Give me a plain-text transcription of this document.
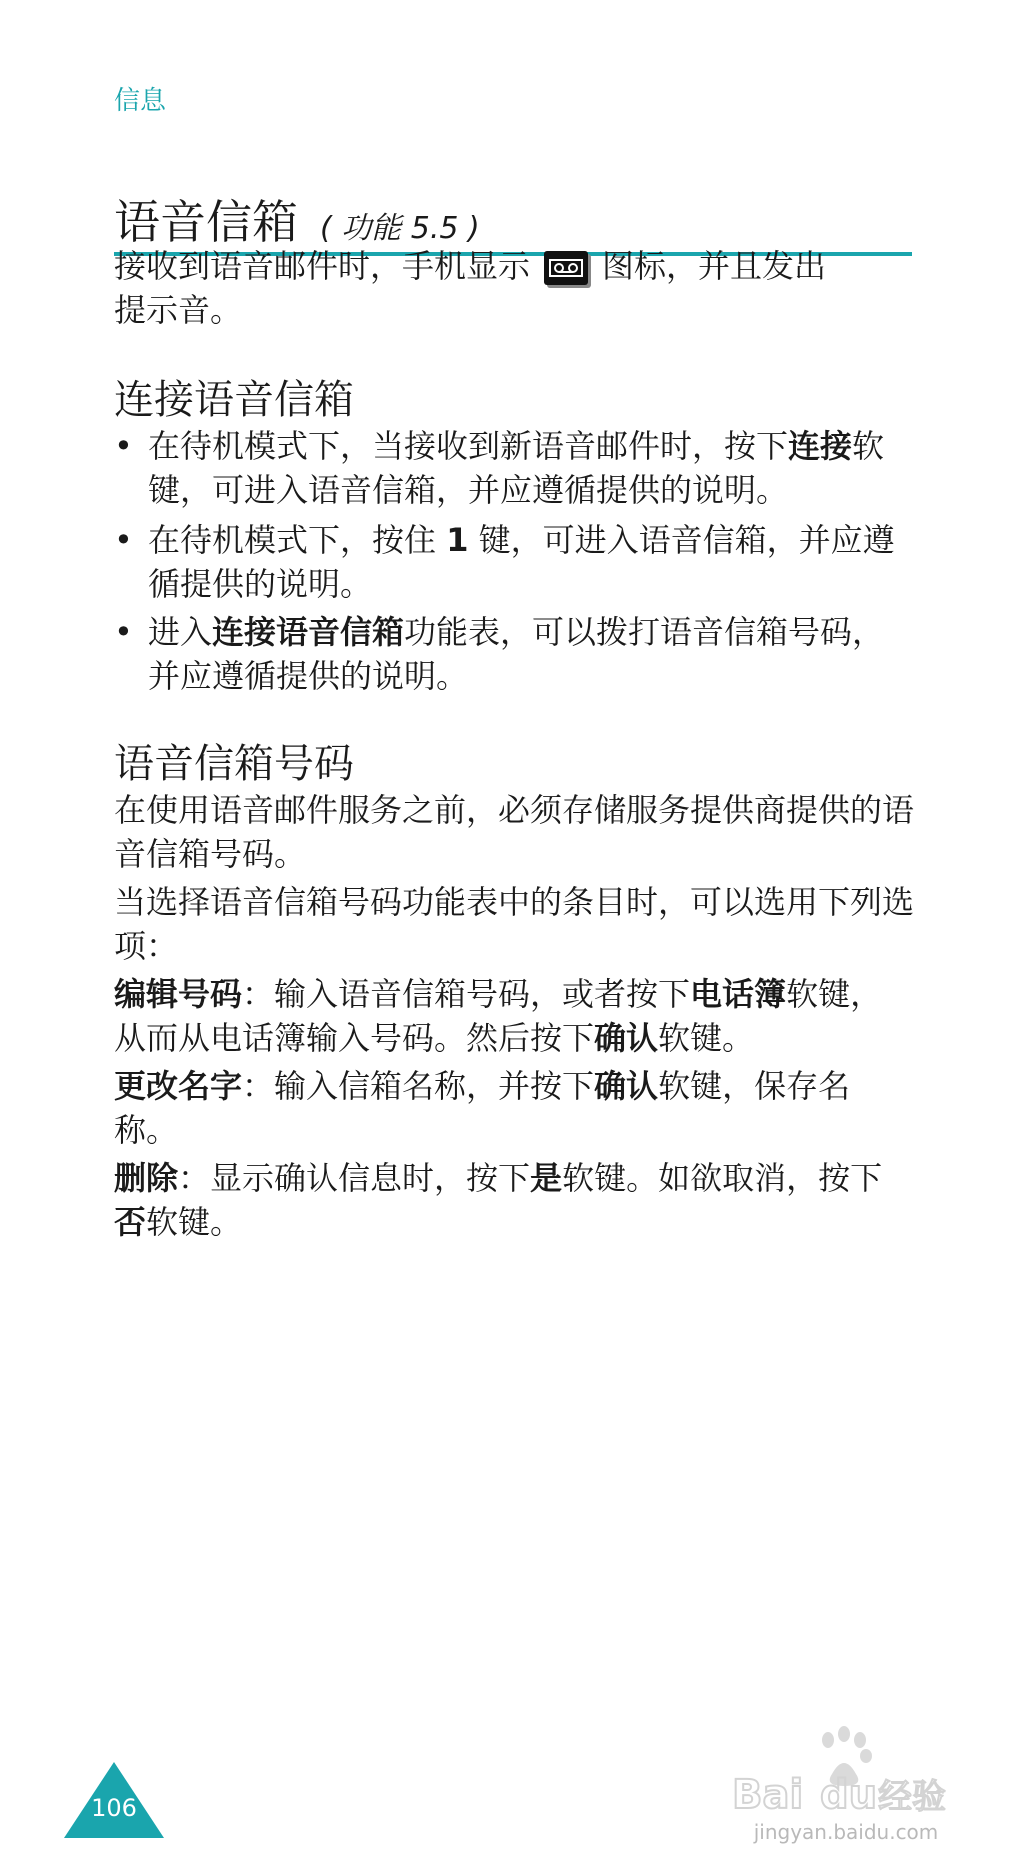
信息
语音信箱 ( 功能 5.5 )
接收到语音邮件时，手机显示 图标，并且发出
提示音。
连接语音信箱
• 在待机模式下，当接收到新语音邮件时，按下连接软键，可进入语音信箱，并应遵循提供的说明。
• 在待机模式下，按住 1 键，可进入语音信箱，并应遵循提供的说明。
• 进入连接语音信箱功能表，可以拨打语音信箱号码，并应遵循提供的说明。
语音信箱号码
在使用语音邮件服务之前，必须存储服务提供商提供的语音信箱号码。
当选择语音信箱号码功能表中的条目时，可以选用下列选项：
编辑号码：输入语音信箱号码，或者按下电话簿软键，从而从电话簿输入号码。然后按下确认软键。
更改名字：输入信箱名称，并按下确认软键，保存名称。
删除：显示确认信息时，按下是软键。如欲取消，按下否软键。
106	Bai du 经验
jingyan.baidu.com
